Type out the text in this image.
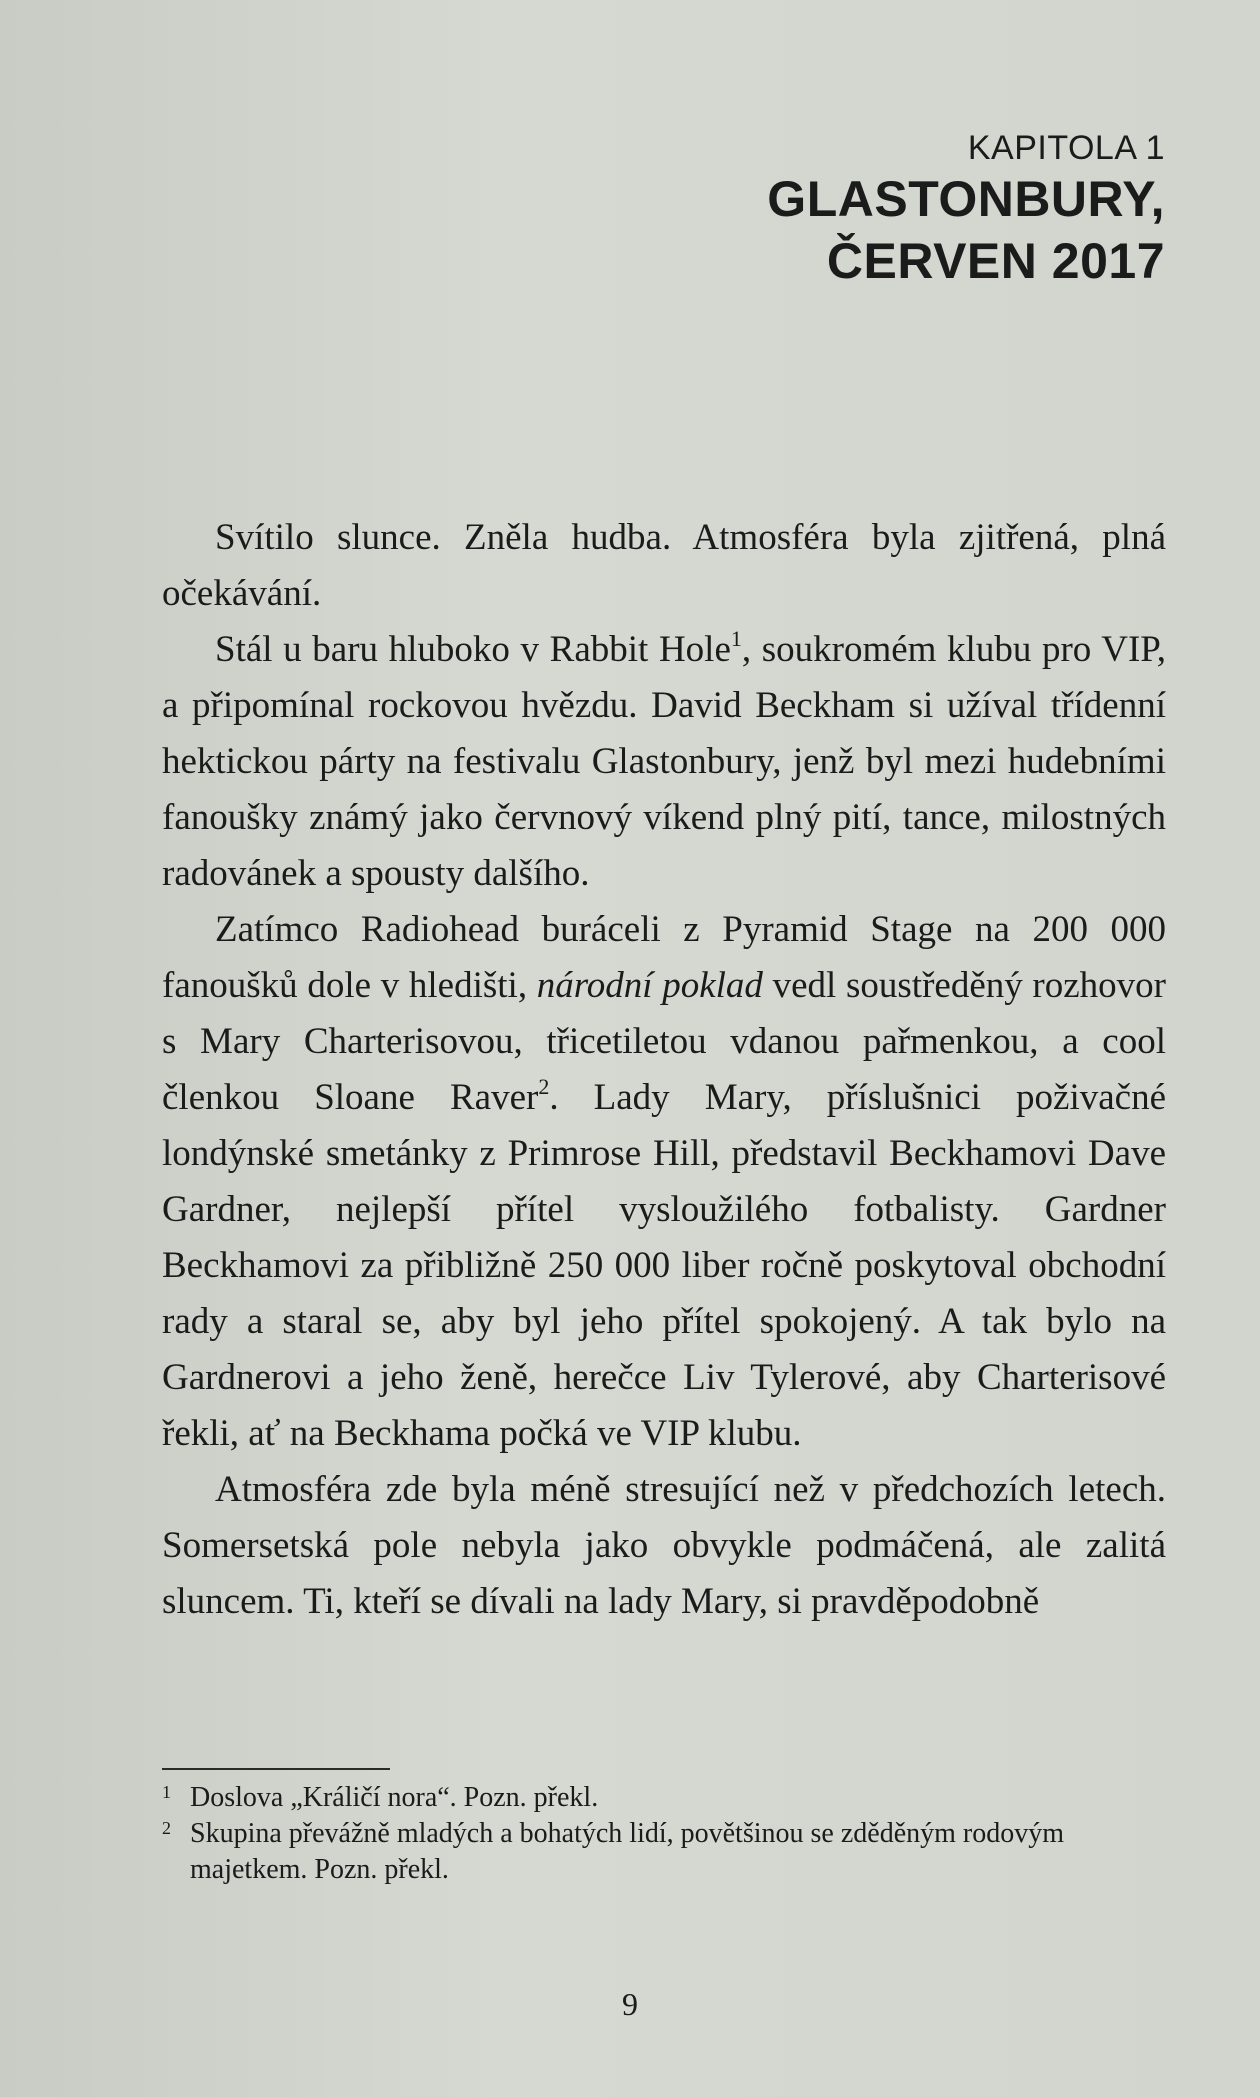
KAPITOLA 1
GLASTONBURY,
ČERVEN 2017

Svítilo slunce. Zněla hudba. Atmosféra byla zjitřená, plná očekávání.

Stál u baru hluboko v Rabbit Hole$^1$, soukromém klubu pro VIP, a připomínal rockovou hvězdu. David Beckham si užíval třídenní hektickou párty na festivalu Glastonbury, jenž byl mezi hudebními fanoušky známý jako červnový víkend plný pití, tance, milostných radovánek a spousty dalšího.

Zatímco Radiohead buráceli z Pyramid Stage na 200 000 fanoušků dole v hledišti, národní poklad vedl soustředěný rozhovor s Mary Charterisovou, třicetiletou vdanou pařmenkou, a cool členkou Sloane Raver$^2$. Lady Mary, příslušnici poživačné londýnské smetánky z Primrose Hill, představil Beckhamovi Dave Gardner, nejlepší přítel vysloužilého fotbalisty. Gardner Beckhamovi za přibližně 250 000 liber ročně poskytoval obchodní rady a staral se, aby byl jeho přítel spokojený. A tak bylo na Gardnerovi a jeho ženě, herečce Liv Tylerové, aby Charterisové řekli, ať na Beckhama počká ve VIP klubu.

Atmosféra zde byla méně stresující než v předchozích letech. Somersetská pole nebyla jako obvykle podmáčená, ale zalitá sluncem. Ti, kteří se dívali na lady Mary, si pravděpodobně

1 Doslova „Králičí nora“. Pozn. překl.
2 Skupina převážně mladých a bohatých lidí, povětšinou se zděděným rodovým majetkem. Pozn. překl.
9
